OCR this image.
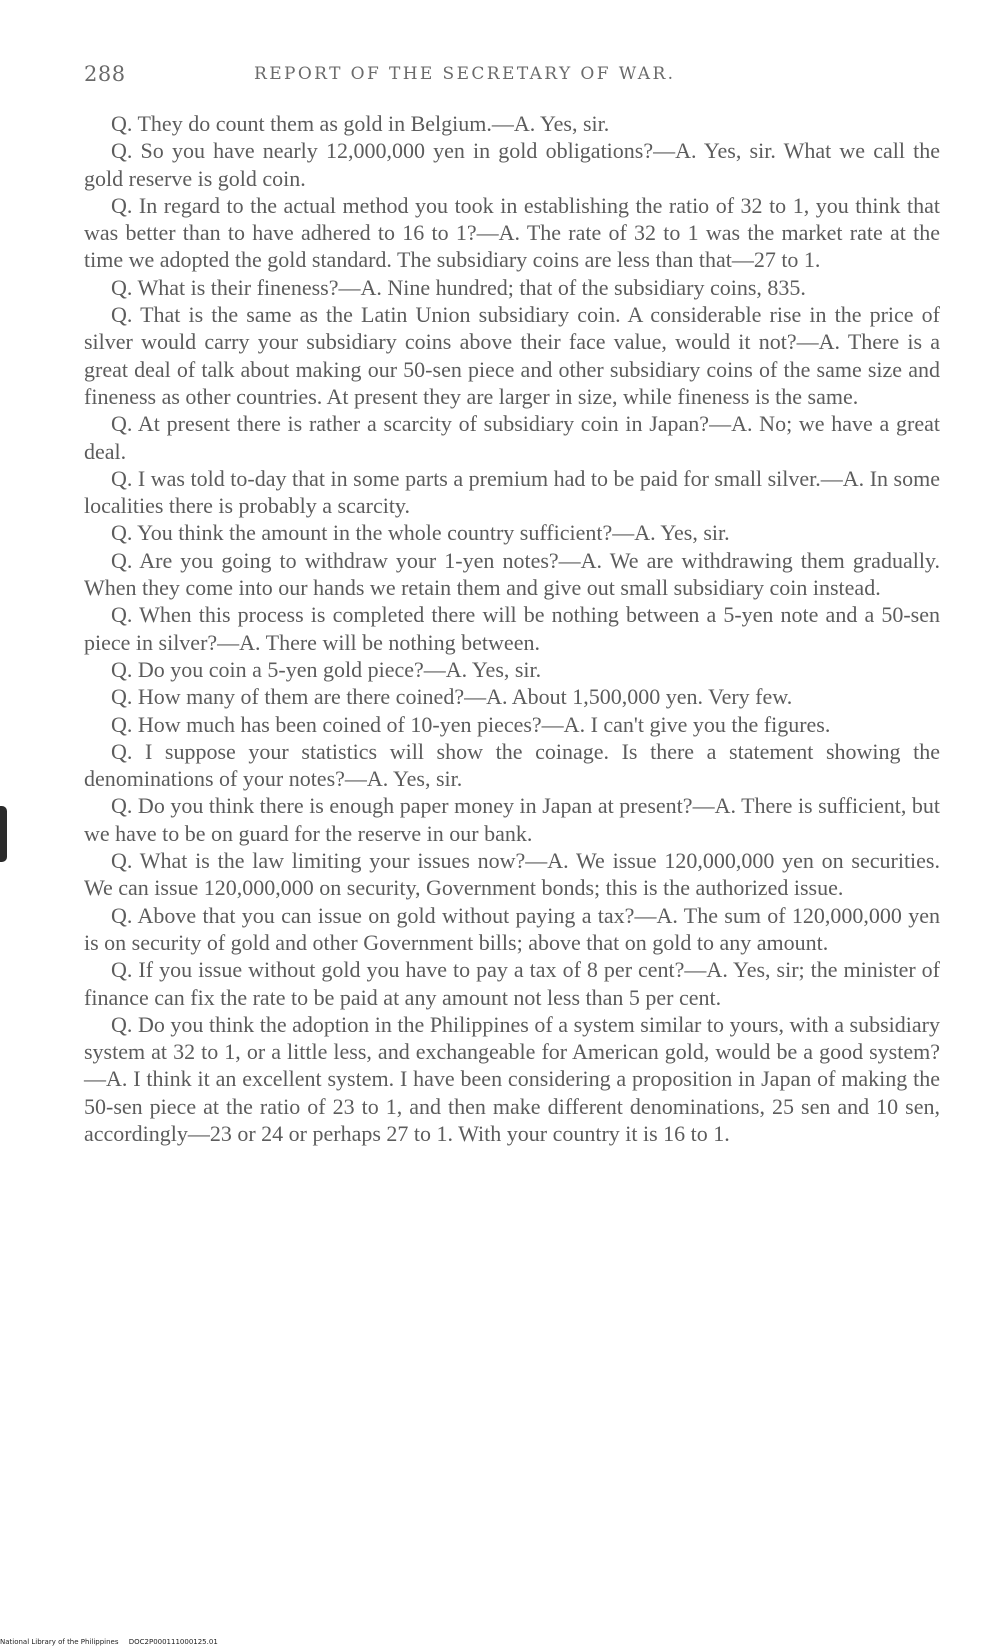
288	REPORT OF THE SECRETARY OF WAR.

Q. They do count them as gold in Belgium.—A. Yes, sir.

Q. So you have nearly 12,000,000 yen in gold obligations?—A. Yes, sir. What we call the gold reserve is gold coin.

Q. In regard to the actual method you took in establishing the ratio of 32 to 1, you think that was better than to have adhered to 16 to 1?—A. The rate of 32 to 1 was the market rate at the time we adopted the gold standard. The subsidiary coins are less than that—27 to 1.

Q. What is their fineness?—A. Nine hundred; that of the subsidiary coins, 835.

Q. That is the same as the Latin Union subsidiary coin. A considerable rise in the price of silver would carry your subsidiary coins above their face value, would it not?—A. There is a great deal of talk about making our 50-sen piece and other subsidiary coins of the same size and fineness as other countries. At present they are larger in size, while fineness is the same.

Q. At present there is rather a scarcity of subsidiary coin in Japan?—A. No; we have a great deal.

Q. I was told to-day that in some parts a premium had to be paid for small silver.—A. In some localities there is probably a scarcity.

Q. You think the amount in the whole country sufficient?—A. Yes, sir.

Q. Are you going to withdraw your 1-yen notes?—A. We are withdrawing them gradually. When they come into our hands we retain them and give out small subsidiary coin instead.

Q. When this process is completed there will be nothing between a 5-yen note and a 50-sen piece in silver?—A. There will be nothing between.

Q. Do you coin a 5-yen gold piece?—A. Yes, sir.

Q. How many of them are there coined?—A. About 1,500,000 yen. Very few.

Q. How much has been coined of 10-yen pieces?—A. I can't give you the figures.

Q. I suppose your statistics will show the coinage. Is there a statement showing the denominations of your notes?—A. Yes, sir.

Q. Do you think there is enough paper money in Japan at present?—A. There is sufficient, but we have to be on guard for the reserve in our bank.

Q. What is the law limiting your issues now?—A. We issue 120,000,000 yen on securities. We can issue 120,000,000 on security, Government bonds; this is the authorized issue.

Q. Above that you can issue on gold without paying a tax?—A. The sum of 120,000,000 yen is on security of gold and other Government bills; above that on gold to any amount.

Q. If you issue without gold you have to pay a tax of 8 per cent?—A. Yes, sir; the minister of finance can fix the rate to be paid at any amount not less than 5 per cent.

Q. Do you think the adoption in the Philippines of a system similar to yours, with a subsidiary system at 32 to 1, or a little less, and exchangeable for American gold, would be a good system?—A. I think it an excellent system. I have been considering a proposition in Japan of making the 50-sen piece at the ratio of 23 to 1, and then make different denominations, 25 sen and 10 sen, accordingly—23 or 24 or perhaps 27 to 1. With your country it is 16 to 1.

National Library of the Philippines DOC2P000111000125.01
